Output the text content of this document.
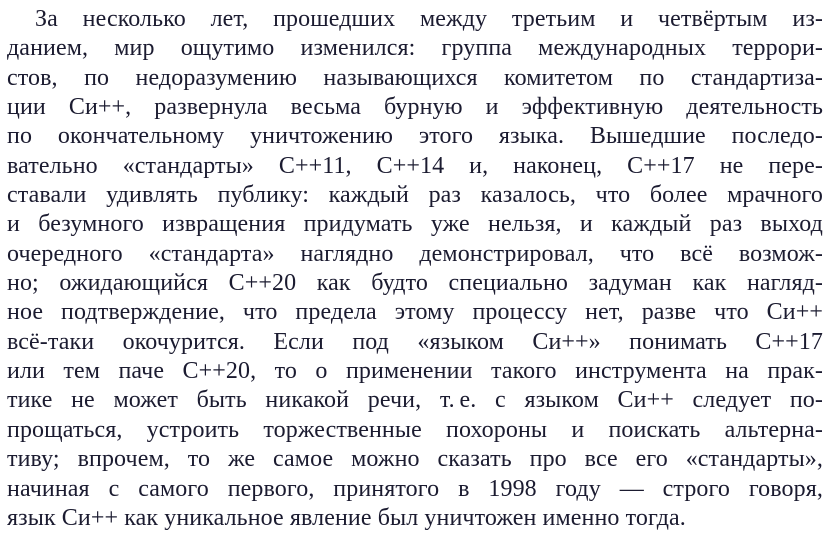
За несколько лет, прошедших между третьим и четвёртым из-
данием, мир ощутимо изменился: группа международных террори-
стов, по недоразумению называющихся комитетом по стандартиза-
ции Си++, развернула весьма бурную и эффективную деятельность
по окончательному уничтожению этого языка. Вышедшие последо-
вательно «стандарты» C++11, C++14 и, наконец, C++17 не пере-
ставали удивлять публику: каждый раз казалось, что более мрачного
и безумного извращения придумать уже нельзя, и каждый раз выход
очередного «стандарта» наглядно демонстрировал, что всё возмож-
но; ожидающийся C++20 как будто специально задуман как нагляд-
ное подтверждение, что предела этому процессу нет, разве что Си++
всё-таки окочурится. Если под «языком Си++» понимать C++17
или тем паче C++20, то о применении такого инструмента на прак-
тике не может быть никакой речи, т. е. с языком Си++ следует по-
прощаться, устроить торжественные похороны и поискать альтерна-
тиву; впрочем, то же самое можно сказать про все его «стандарты»,
начиная с самого первого, принятого в 1998 году — строго говоря,
язык Си++ как уникальное явление был уничтожен именно тогда.
